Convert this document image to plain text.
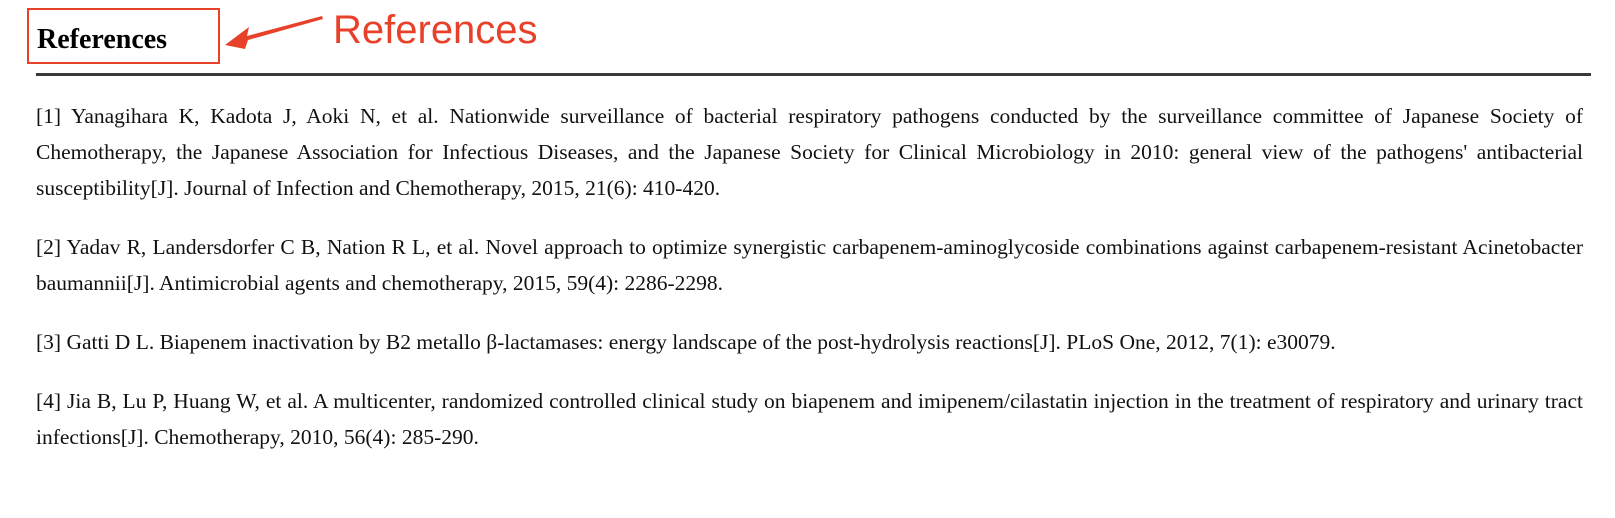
References	References
[1] Yanagihara K, Kadota J, Aoki N, et al. Nationwide surveillance of bacterial respiratory pathogens conducted by the surveillance committee of Japanese Society of Chemotherapy, the Japanese Association for Infectious Diseases, and the Japanese Society for Clinical Microbiology in 2010: general view of the pathogens' antibacterial susceptibility[J]. Journal of Infection and Chemotherapy, 2015, 21(6): 410-420.
[2] Yadav R, Landersdorfer C B, Nation R L, et al. Novel approach to optimize synergistic carbapenem-aminoglycoside combinations against carbapenem-resistant Acinetobacter baumannii[J]. Antimicrobial agents and chemotherapy, 2015, 59(4): 2286-2298.
[3] Gatti D L. Biapenem inactivation by B2 metallo β-lactamases: energy landscape of the post-hydrolysis reactions[J]. PLoS One, 2012, 7(1): e30079.
[4] Jia B, Lu P, Huang W, et al. A multicenter, randomized controlled clinical study on biapenem and imipenem/cilastatin injection in the treatment of respiratory and urinary tract infections[J]. Chemotherapy, 2010, 56(4): 285-290.
